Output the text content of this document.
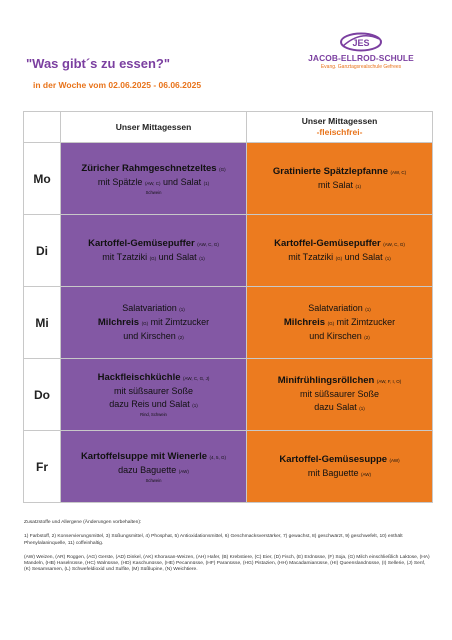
"Was gibt´s zu essen?"
in der Woche vom 02.06.2025 - 06.06.2025
JES
JACOB-ELLROD-SCHULE
Evang. Ganztagsrealschule Gefrees
	Unser Mittagessen	Unser Mittagessen
-fleischfrei-
Mo	Züricher Rahmgeschnetzeltes (G)
mit Spätzle (AW, C) und Salat (1)
Schwein	Gratinierte Spätzlepfanne (AW, C)
mit Salat (1)
Di	Kartoffel-Gemüsepuffer (AW, C, G)
mit Tzatziki (G) und Salat (1)	Kartoffel-Gemüsepuffer (AW, C, G)
mit Tzatziki (G) und Salat (1)
Mi	Salatvariation (1)
Milchreis (G) mit Zimtzucker
und Kirschen (2)	Salatvariation (1)
Milchreis (G) mit Zimtzucker
und Kirschen (2)
Do	Hackfleischküchle (AW, C, G, J)
mit süßsaurer Soße
dazu Reis und Salat (1)
Rind, Schwein	Minifrühlingsröllchen (AW, F, I, O)
mit süßsaurer Soße
dazu Salat (1)
Fr	Kartoffelsuppe mit Wienerle (4, 5, G)
dazu Baguette (AW)
Schwein	Kartoffel-Gemüsesuppe (AW)
mit Baguette (AW)

Zusatzstoffe und Allergene (Änderungen vorbehalten):

1) Farbstoff, 2) Konservierungsmittel, 3) Süßungsmittel, 4) Phosphat, 5) Antioxidationsmittel, 6) Geschmacksverstärker, 7) gewachst, 8) geschwärzt, 9) geschwefelt, 10) enthält Phenylalaninquelle, 11) coffeinhaltig.

(AW) Weizen, (AR) Roggen, (AG) Gerste, (AD) Dinkel, (AK) Khorasan-Weizen, (AH) Hafer, (B) Krebstiere, (C) Eier, (D) Fisch, (E) Erdnüsse, (F) Soja, (G) Milch einschließlich Laktose, (HA) Mandeln, (HB) Haselnüsse, (HC) Walnüsse, (HD) Kaschunüsse, (HE) Pecannüsse, (HF) Paranüsse, (HG) Pistazien, (HH) Macadamianüsse, (HI) Queenslandnüsse, (I) Sellerie, (J) Senf, (K) Sesamsamen, (L) Schwefeldioxid und Sulfite, (M) Süßlupine, (N) Weichtiere.
